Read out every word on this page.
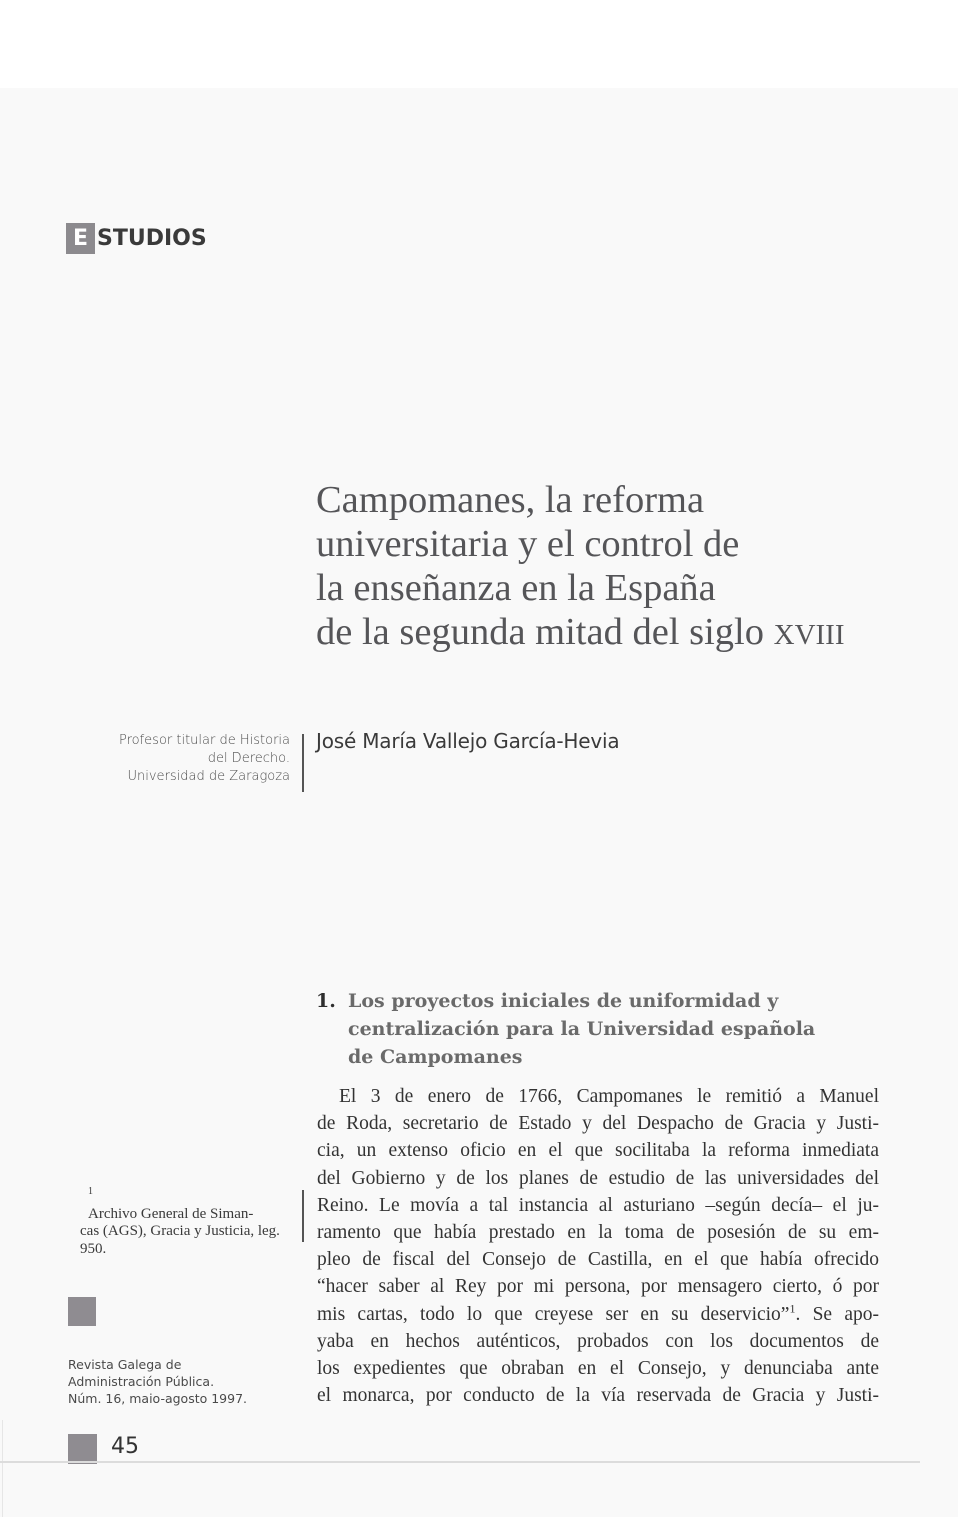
E STUDIOS
Campomanes, la reforma
universitaria y el control de
la enseñanza en la España
de la segunda mitad del siglo XVIII
Profesor titular de Historia
del Derecho.
Universidad de Zaragoza
José María Vallejo García-Hevia
1. Los proyectos iniciales de uniformidad y
centralización para la Universidad española
de Campomanes
El 3 de enero de 1766, Campomanes le remitió a Manuel
de Roda, secretario de Estado y del Despacho de Gracia y Justi-
cia, un extenso oficio en el que socilitaba la reforma inmediata
del Gobierno y de los planes de estudio de las universidades del
Reino. Le movía a tal instancia al asturiano –según decía– el ju-
ramento que había prestado en la toma de posesión de su em-
pleo de fiscal del Consejo de Castilla, en el que había ofrecido
“hacer saber al Rey por mi persona, por mensagero cierto, ó por
mis cartas, todo lo que creyese ser en su deservicio”$^1$. Se apo-
yaba en hechos auténticos, probados con los documentos de
los expedientes que obraban en el Consejo, y denunciaba ante
el monarca, por conducto de la vía reservada de Gracia y Justi-
$^1$
Archivo General de Siman-
cas (AGS), Gracia y Justicia, leg.
950.
Revista Galega de
Administración Pública.
Núm. 16, maio-agosto 1997.
45
